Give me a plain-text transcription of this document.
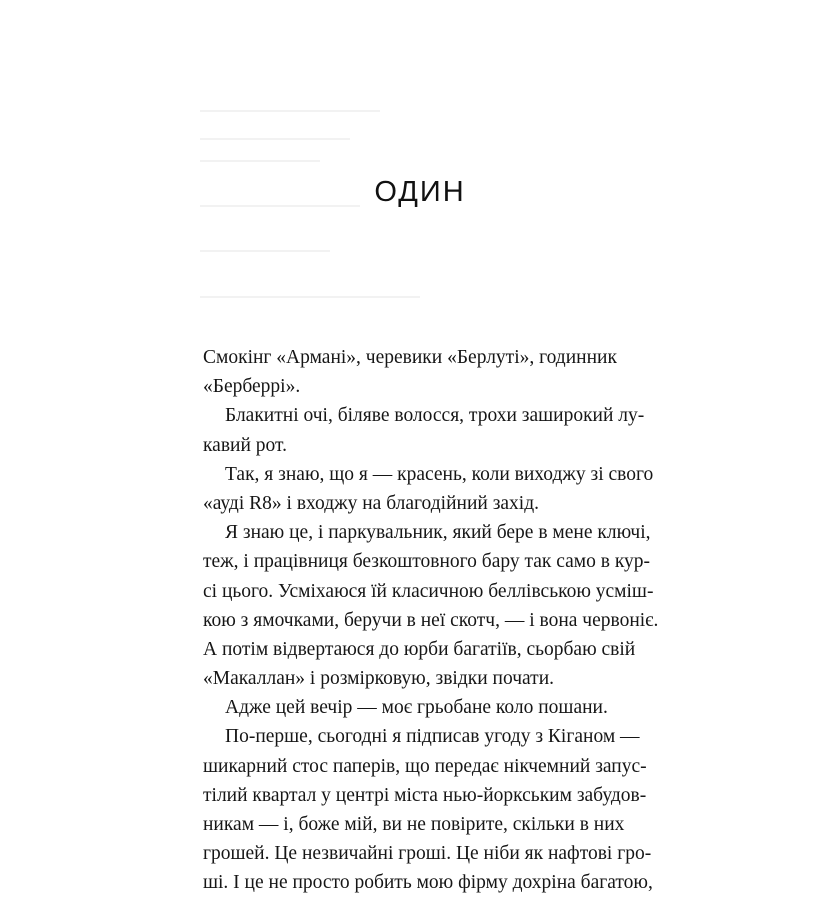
ОДИН
Смокінг «Армані», черевики «Берлуті», годинник
«Берберрі».
Блакитні очі, біляве волосся, трохи заширокий лу-
кавий рот.
Так, я знаю, що я — красень, коли виходжу зі свого
«ауді R8» і входжу на благодійний захід.
Я знаю це, і паркувальник, який бере в мене ключі,
теж, і працівниця безкоштовного бару так само в кур-
сі цього. Усміхаюся їй класичною беллівською усміш-
кою з ямочками, беручи в неї скотч, — і вона червоніє.
А потім відвертаюся до юрби багатіїв, сьорбаю свій
«Макаллан» і розмірковую, звідки почати.
Адже цей вечір — моє грьобане коло пошани.
По-перше, сьогодні я підписав угоду з Кіганом —
шикарний стос паперів, що передає нікчемний запус-
тілий квартал у центрі міста нью-йоркським забудов-
никам — і, боже мій, ви не повірите, скільки в них
грошей. Це незвичайні гроші. Це ніби як нафтові гро-
ші. І це не просто робить мою фірму дохріна багатою,
